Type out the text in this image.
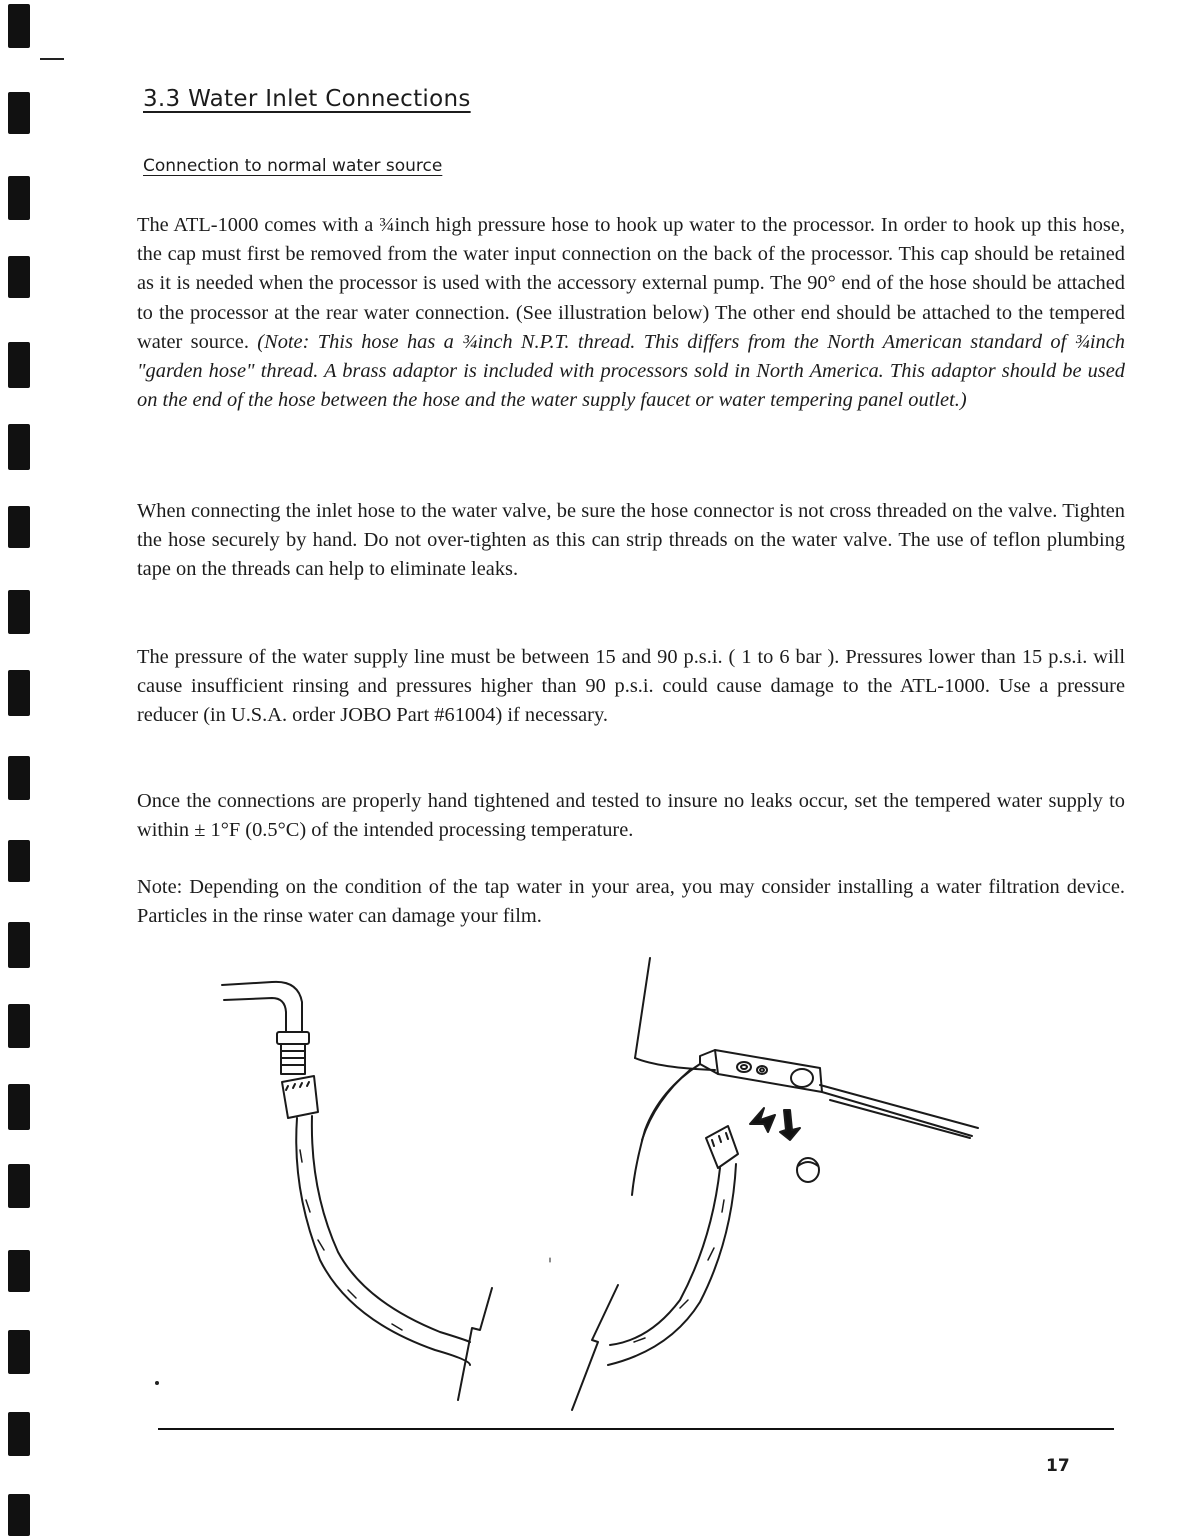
3.3 Water Inlet Connections
Connection to normal water source

The ATL-1000 comes with a ¾inch high pressure hose to hook up water to the processor. In order to hook up this hose, the cap must first be removed from the water input connection on the back of the processor. This cap should be retained as it is needed when the processor is used with the accessory external pump. The 90° end of the hose should be attached to the processor at the rear water connection. (See illustration below) The other end should be attached to the tempered water source. (Note: This hose has a ¾inch N.P.T. thread. This differs from the North American standard of ¾inch "garden hose" thread. A brass adaptor is included with processors sold in North America. This adaptor should be used on the end of the hose between the hose and the water supply faucet or water tempering panel outlet.)

When connecting the inlet hose to the water valve, be sure the hose connector is not cross threaded on the valve. Tighten the hose securely by hand. Do not over-tighten as this can strip threads on the water valve. The use of teflon plumbing tape on the threads can help to eliminate leaks.

The pressure of the water supply line must be between 15 and 90 p.s.i. ( 1 to 6 bar ). Pressures lower than 15 p.s.i. will cause insufficient rinsing and pressures higher than 90 p.s.i. could cause damage to the ATL-1000. Use a pressure reducer (in U.S.A. order JOBO Part #61004) if necessary.

Once the connections are properly hand tightened and tested to insure no leaks occur, set the tempered water supply to within ± 1°F (0.5°C) of the intended processing temperature.

Note: Depending on the condition of the tap water in your area, you may consider installing a water filtration device. Particles in the rinse water can damage your film.

17
